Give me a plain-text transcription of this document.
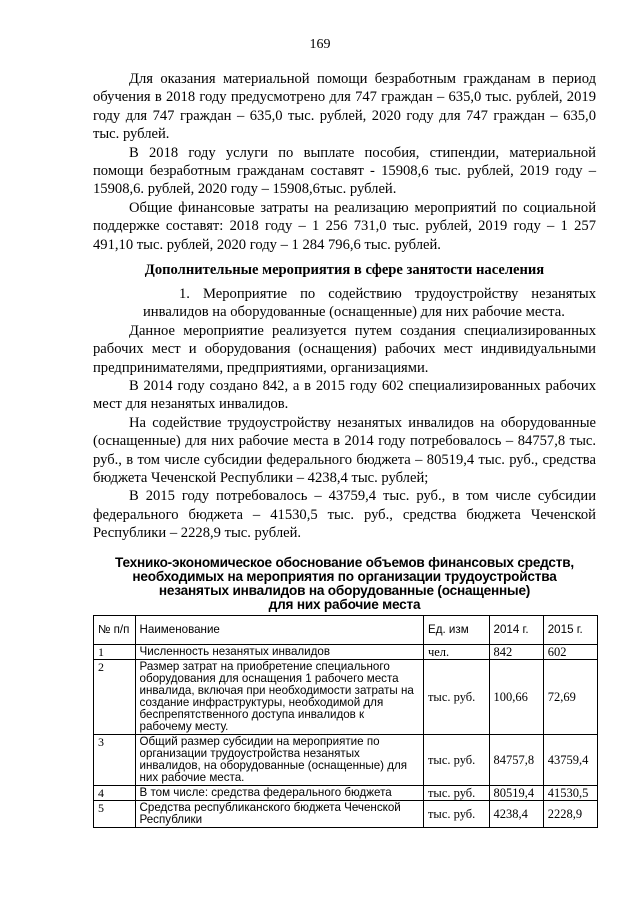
169

Для оказания материальной помощи безработным гражданам в период обучения в 2018 году предусмотрено для 747 граждан – 635,0 тыс. рублей, 2019 году для 747 граждан – 635,0 тыс. рублей, 2020 году для 747 граждан – 635,0 тыс. рублей.

В 2018 году услуги по выплате пособия, стипендии, материальной помощи безработным гражданам составят - 15908,6 тыс. рублей, 2019 году – 15908,6. рублей, 2020 году – 15908,6тыс. рублей.

Общие финансовые затраты на реализацию мероприятий по социальной поддержке составят: 2018 году – 1 256 731,0 тыс. рублей, 2019 году – 1 257 491,10 тыс. рублей, 2020 году – 1 284 796,6 тыс. рублей.

Дополнительные мероприятия в сфере занятости населения

1. Мероприятие по содействию трудоустройству незанятых инвалидов на оборудованные (оснащенные) для них рабочие места.

Данное мероприятие реализуется путем создания специализированных рабочих мест и оборудования (оснащения) рабочих мест индивидуальными предпринимателями, предприятиями, организациями.

В 2014 году создано 842, а в 2015 году 602 специализированных рабочих мест для незанятых инвалидов.

На содействие трудоустройству незанятых инвалидов на оборудованные (оснащенные) для них рабочие места в 2014 году потребовалось – 84757,8 тыс. руб., в том числе субсидии федерального бюджета – 80519,4 тыс. руб., средства бюджета Чеченской Республики – 4238,4 тыс. рублей;

В 2015 году потребовалось – 43759,4 тыс. руб., в том числе субсидии федерального бюджета – 41530,5 тыс. руб., средства бюджета Чеченской Республики – 2228,9 тыс. рублей.

Технико-экономическое обоснование объемов финансовых средств,
необходимых на мероприятия по организации трудоустройства
незанятых инвалидов на оборудованные (оснащенные)
для них рабочие места
№ п/п	Наименование	Ед. изм	2014 г.	2015 г.
1	Численность незанятых инвалидов	чел.	842	602
2	Размер затрат на приобретение специального оборудования для оснащения 1 рабочего места инвалида, включая при необходимости затраты на создание инфраструктуры, необходимой для беспрепятственного доступа инвалидов к рабочему месту.	тыс. руб.	100,66	72,69
3	Общий размер субсидии на мероприятие по организации трудоустройства незанятых инвалидов, на оборудованные (оснащенные) для них рабочие места.	тыс. руб.	84757,8	43759,4
4	В том числе: средства федерального бюджета	тыс. руб.	80519,4	41530,5
5	Средства республиканского бюджета Чеченской Республики	тыс. руб.	4238,4	2228,9
